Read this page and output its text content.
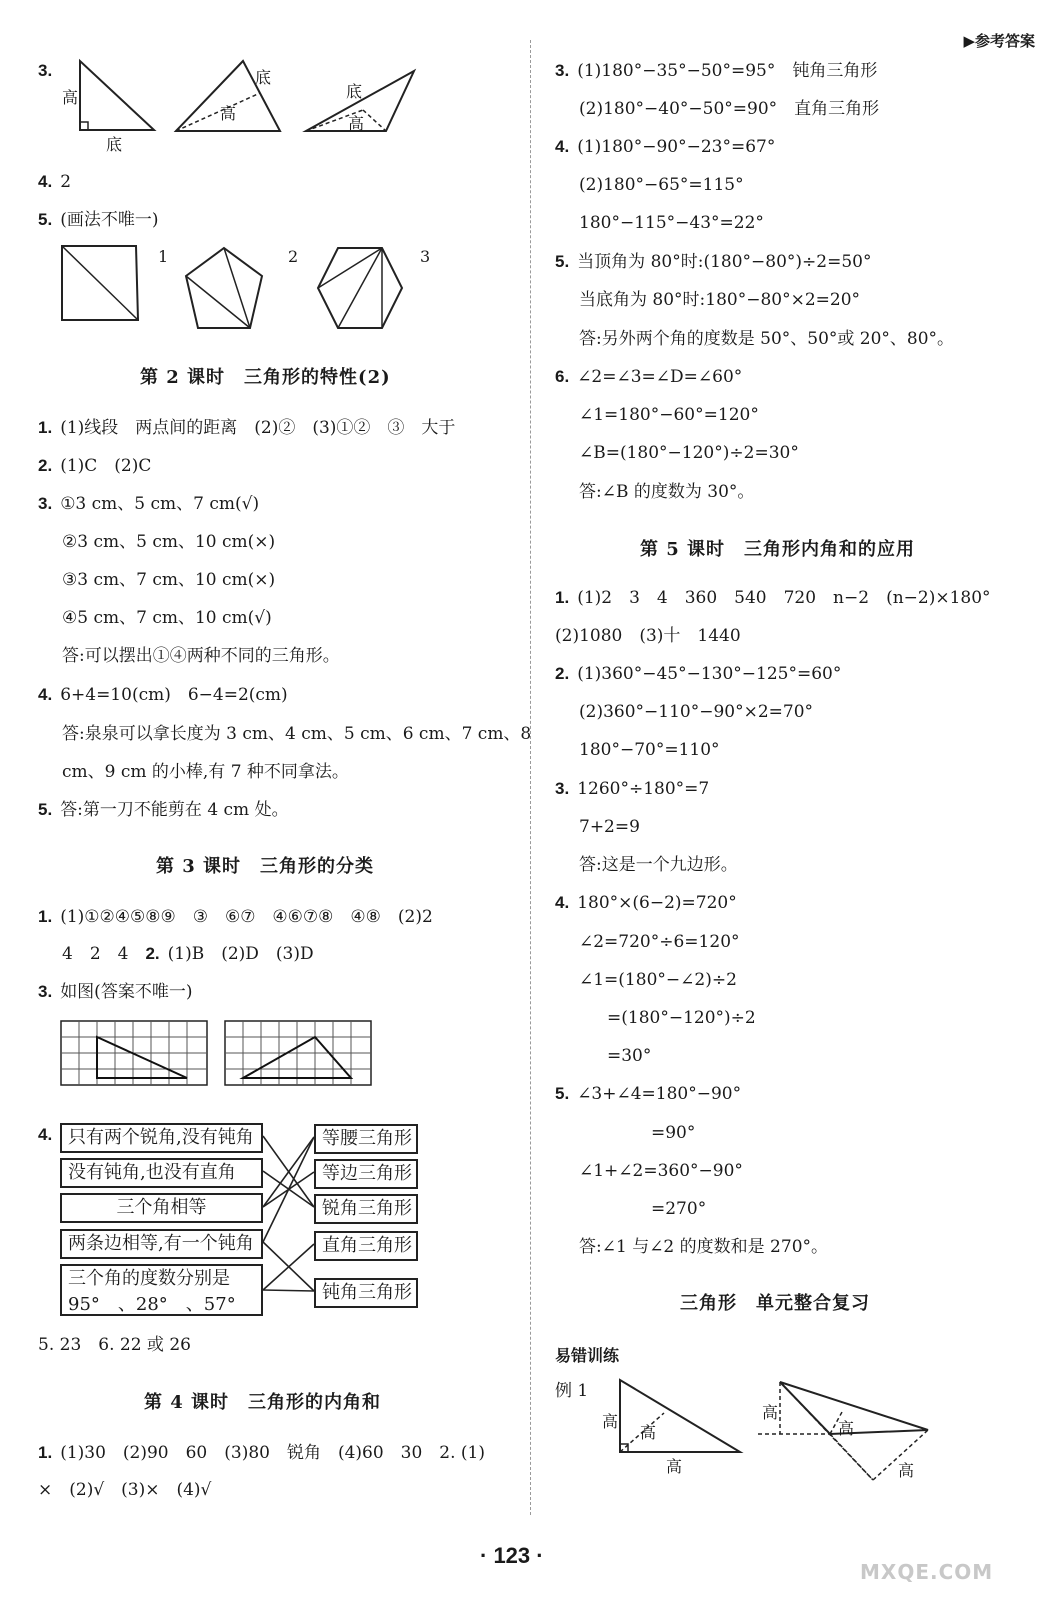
▶参考答案
3.
高
底
底
高
底
高
4. 2
5. (画法不唯一)
1	2	3
第 2 课时　三角形的特性(2)
1. (1)线段　两点间的距离　(2)②　(3)①②　③　大于
2. (1)C　(2)C
3. ①3 cm、5 cm、7 cm(√)
②3 cm、5 cm、10 cm(×)
③3 cm、7 cm、10 cm(×)
④5 cm、7 cm、10 cm(√)
答:可以摆出①④两种不同的三角形。
4. 6+4=10(cm)　6−4=2(cm)
答:泉泉可以拿长度为 3 cm、4 cm、5 cm、6 cm、7 cm、8
cm、9 cm 的小棒,有 7 种不同拿法。
5. 答:第一刀不能剪在 4 cm 处。
第 3 课时　三角形的分类
1. (1)①②④⑤⑧⑨　③　⑥⑦　④⑥⑦⑧　④⑧　(2)2
4　2　4　 2. (1)B　(2)D　(3)D
3. 如图(答案不唯一)
4. 只有两个锐角,没有钝角
没有钝角,也没有直角
三个角相等
两条边相等,有一个钝角
三个角的度数分别是
95°　、28°　、57°
等腰三角形
等边三角形
锐角三角形
直角三角形
钝角三角形
5. 23　6. 22 或 26
第 4 课时　三角形的内角和
1. (1)30　(2)90　60　(3)80　锐角　(4)60　30　2. (1)
×　(2)√　(3)×　(4)√
3. (1)180°−35°−50°=95°　钝角三角形
(2)180°−40°−50°=90°　直角三角形
4. (1)180°−90°−23°=67°
(2)180°−65°=115°
180°−115°−43°=22°
5. 当顶角为 80°时:(180°−80°)÷2=50°
当底角为 80°时:180°−80°×2=20°
答:另外两个角的度数是 50°、50°或 20°、80°。
6. ∠2=∠3=∠D=∠60°
∠1=180°−60°=120°
∠B=(180°−120°)÷2=30°
答:∠B 的度数为 30°。
第 5 课时　三角形内角和的应用
1. (1)2　3　4　360　540　720　n−2　(n−2)×180°
(2)1080　(3)十　1440
2. (1)360°−45°−130°−125°=60°
(2)360°−110°−90°×2=70°
180°−70°=110°
3. 1260°÷180°=7
7+2=9
答:这是一个九边形。
4. 180°×(6−2)=720°
∠2=720°÷6=120°
∠1=(180°−∠2)÷2
=(180°−120°)÷2
=30°
5. ∠3+∠4=180°−90°
=90°
∠1+∠2=360°−90°
=270°
答:∠1 与∠2 的度数和是 270°。
三角形　单元整合复习
易错训练
例 1
高
高
高
高
高
高
· 123 ·
MXQE.COM
